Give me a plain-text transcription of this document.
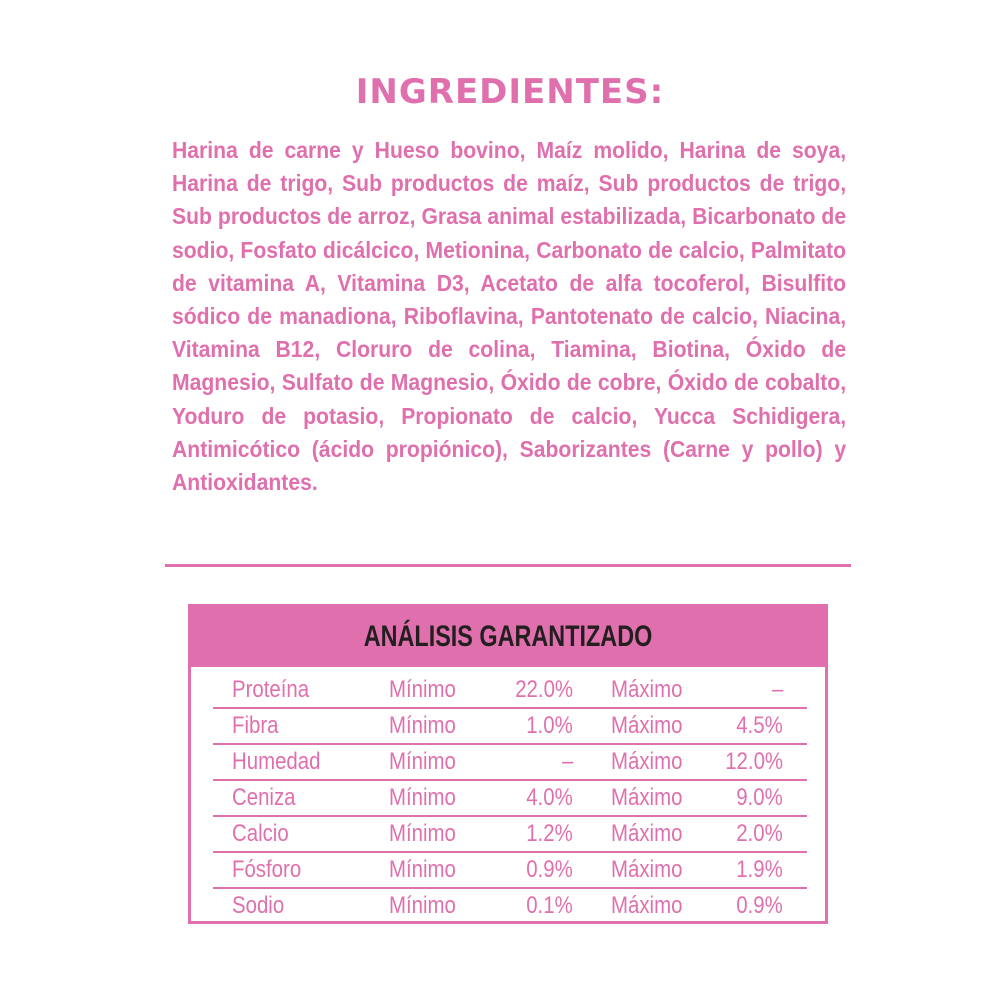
INGREDIENTES:
Harina de carne y Hueso bovino, Maíz molido, Harina de soya, Harina de trigo, Sub productos de maíz, Sub productos de trigo, Sub productos de arroz, Grasa animal estabilizada, Bicarbonato de sodio, Fosfato dicálcico, Metionina, Carbonato de calcio, Palmitato de vitamina A, Vitamina D3, Acetato de alfa tocoferol, Bisulfito sódico de manadiona, Riboflavina, Pantotenato de calcio, Niacina, Vitamina B12, Cloruro de colina, Tiamina, Biotina, Óxido de Magnesio, Sulfato de Magnesio, Óxido de cobre, Óxido de cobalto, Yoduro de potasio, Propionato de calcio, Yucca Schidigera, Antimicótico (ácido propiónico), Saborizantes (Carne y pollo) y Antioxidantes.
ANÁLISIS GARANTIZADO
Proteína	Mínimo 22.0% Máximo	–
Fibra	Mínimo	1.0% Máximo 4.5%
Humedad	Mínimo	– Máximo 12.0%
Ceniza	Mínimo	4.0% Máximo 9.0%
Calcio	Mínimo	1.2% Máximo 2.0%
Fósforo	Mínimo	0.9% Máximo 1.9%
Sodio	Mínimo	0.1% Máximo 0.9%
